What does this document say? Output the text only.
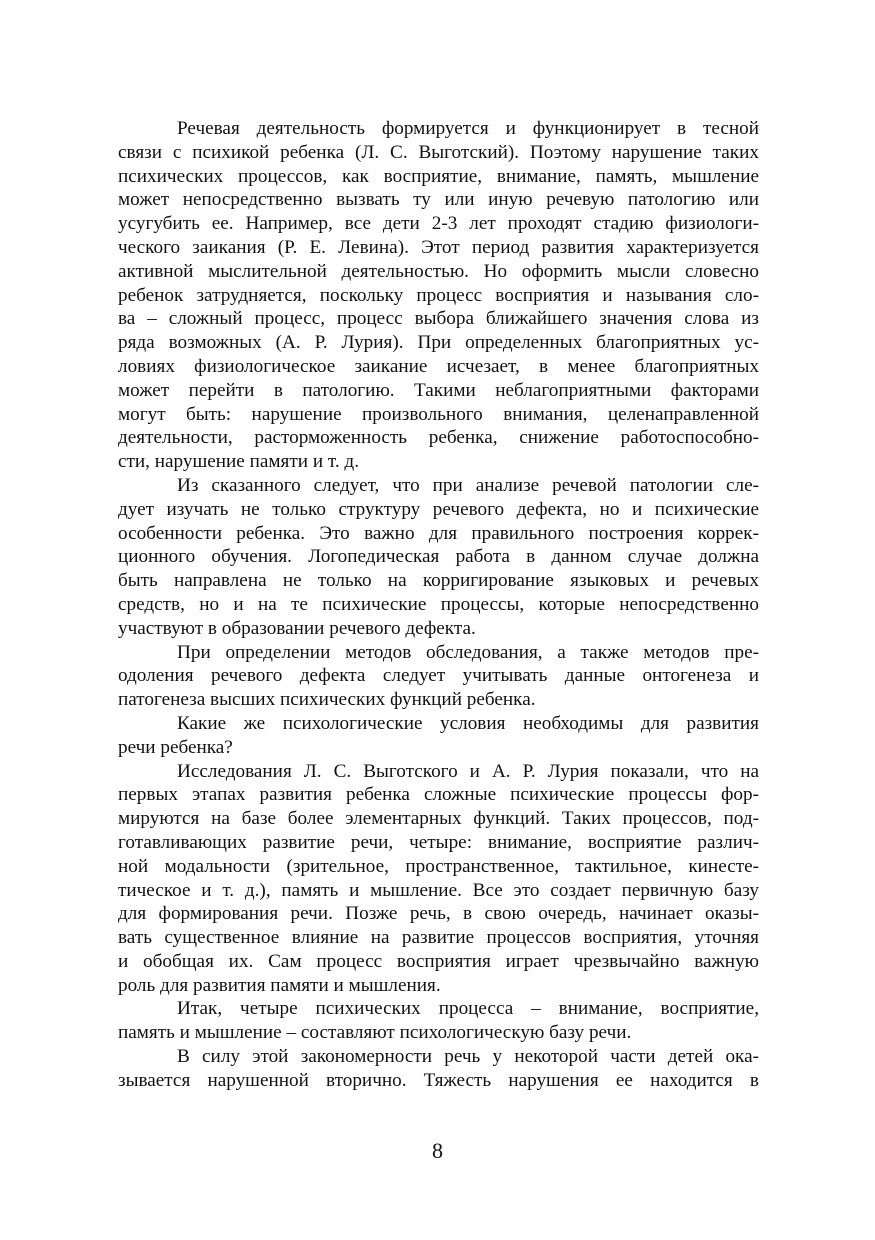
Речевая деятельность формируется и функционирует в тесной
связи с психикой ребенка (Л. С. Выготский). Поэтому нарушение таких
психических процессов, как восприятие, внимание, память, мышление
может непосредственно вызвать ту или иную речевую патологию или
усугубить ее. Например, все дети 2-3 лет проходят стадию физиологи-
ческого заикания (Р. Е. Левина). Этот период развития характеризуется
активной мыслительной деятельностью. Но оформить мысли словесно
ребенок затрудняется, поскольку процесс восприятия и называния сло-
ва – сложный процесс, процесс выбора ближайшего значения слова из
ряда возможных (А. Р. Лурия). При определенных благоприятных ус-
ловиях физиологическое заикание исчезает, в менее благоприятных
может перейти в патологию. Такими неблагоприятными факторами
могут быть: нарушение произвольного внимания, целенаправленной
деятельности, расторможенность ребенка, снижение работоспособно-
сти, нарушение памяти и т. д.
Из сказанного следует, что при анализе речевой патологии сле-
дует изучать не только структуру речевого дефекта, но и психические
особенности ребенка. Это важно для правильного построения коррек-
ционного обучения. Логопедическая работа в данном случае должна
быть направлена не только на корригирование языковых и речевых
средств, но и на те психические процессы, которые непосредственно
участвуют в образовании речевого дефекта.
При определении методов обследования, а также методов пре-
одоления речевого дефекта следует учитывать данные онтогенеза и
патогенеза высших психических функций ребенка.
Какие же психологические условия необходимы для развития
речи ребенка?
Исследования Л. С. Выготского и А. Р. Лурия показали, что на
первых этапах развития ребенка сложные психические процессы фор-
мируются на базе более элементарных функций. Таких процессов, под-
готавливающих развитие речи, четыре: внимание, восприятие различ-
ной модальности (зрительное, пространственное, тактильное, кинесте-
тическое и т. д.), память и мышление. Все это создает первичную базу
для формирования речи. Позже речь, в свою очередь, начинает оказы-
вать существенное влияние на развитие процессов восприятия, уточняя
и обобщая их. Сам процесс восприятия играет чрезвычайно важную
роль для развития памяти и мышления.
Итак, четыре психических процесса – внимание, восприятие,
память и мышление – составляют психологическую базу речи.
В силу этой закономерности речь у некоторой части детей ока-
зывается нарушенной вторично. Тяжесть нарушения ее находится в
8
